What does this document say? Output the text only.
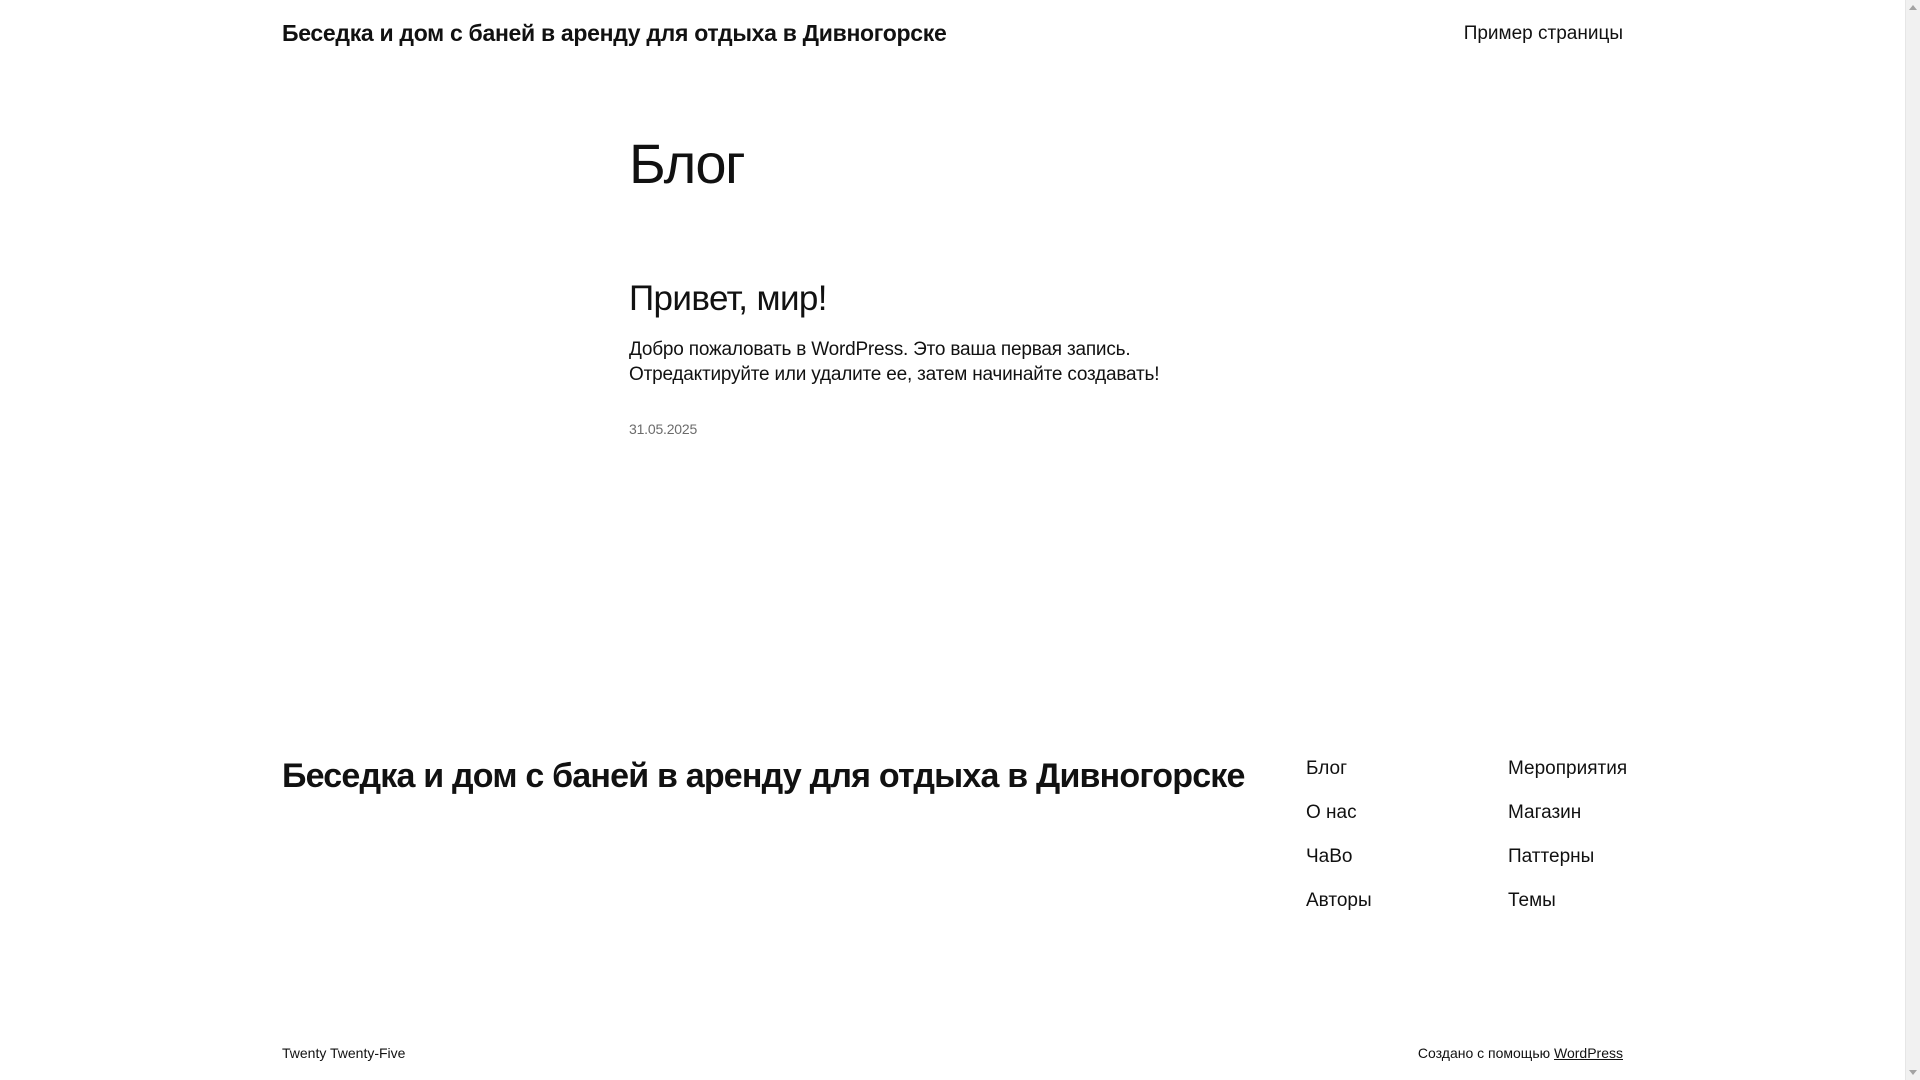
Беседка и дом с баней в аренду для отдыха в Дивногорске	Пример страницы
Блог
Привет, мир!

Добро пожаловать в WordPress. Это ваша первая запись. Отредактируйте или удалите ее, затем начинайте создавать!

31.05.2025
Беседка и дом с баней в аренду для отдыха в Дивногорске	Блог
О нас
ЧаВо
Авторы
Мероприятия
Магазин
Паттерны
Темы
Twenty Twenty-Five	Создано с помощью WordPress
